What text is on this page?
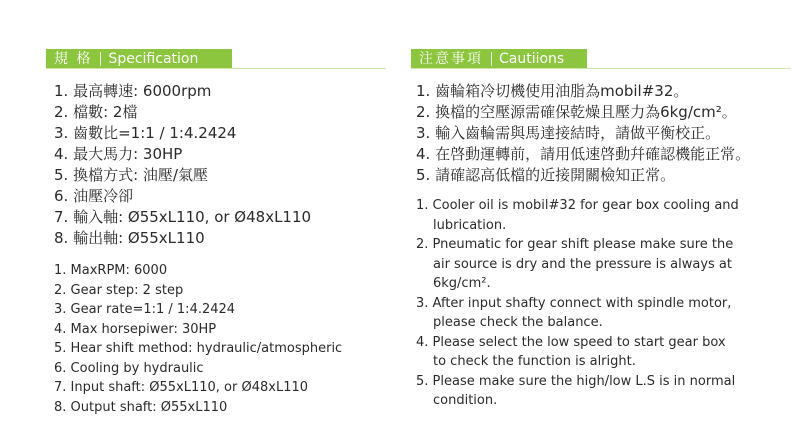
規 格	Specification
1. 最高轉速: 6000rpm
2. 檔數: 2檔
3. 齒數比=1:1 / 1:4.2424
4. 最大馬力: 30HP
5. 換檔方式: 油壓/氣壓
6. 油壓冷卻
7. 輸入軸: Ø55xL110, or Ø48xL110
8. 輸出軸: Ø55xL110
1. MaxRPM: 6000
2. Gear step: 2 step
3. Gear rate=1:1 / 1:4.2424
4. Max horsepiwer: 30HP
5. Hear shift method: hydraulic/atmospheric
6. Cooling by hydraulic
7. Input shaft: Ø55xL110, or Ø48xL110
8. Output shaft: Ø55xL110
注意事項	Cautiions
1. 齒輪箱冷切機使用油脂為mobil#32。
2. 換檔的空壓源需確保乾燥且壓力為6kg/cm²。
3. 輸入齒輪需與馬達接結時，請做平衡校正。
4. 在啓動運轉前，請用低速啓動幷確認機能正常。
5. 請確認高低檔的近接開關檢知正常。
1. Cooler oil is mobil#32 for gear box cooling and
lubrication.
2. Pneumatic for gear shift please make sure the
air source is dry and the pressure is always at
6kg/cm².
3. After input shafty connect with spindle motor,
please check the balance.
4. Please select the low speed to start gear box
to check the function is alright.
5. Please make sure the high/low L.S is in normal
condition.
